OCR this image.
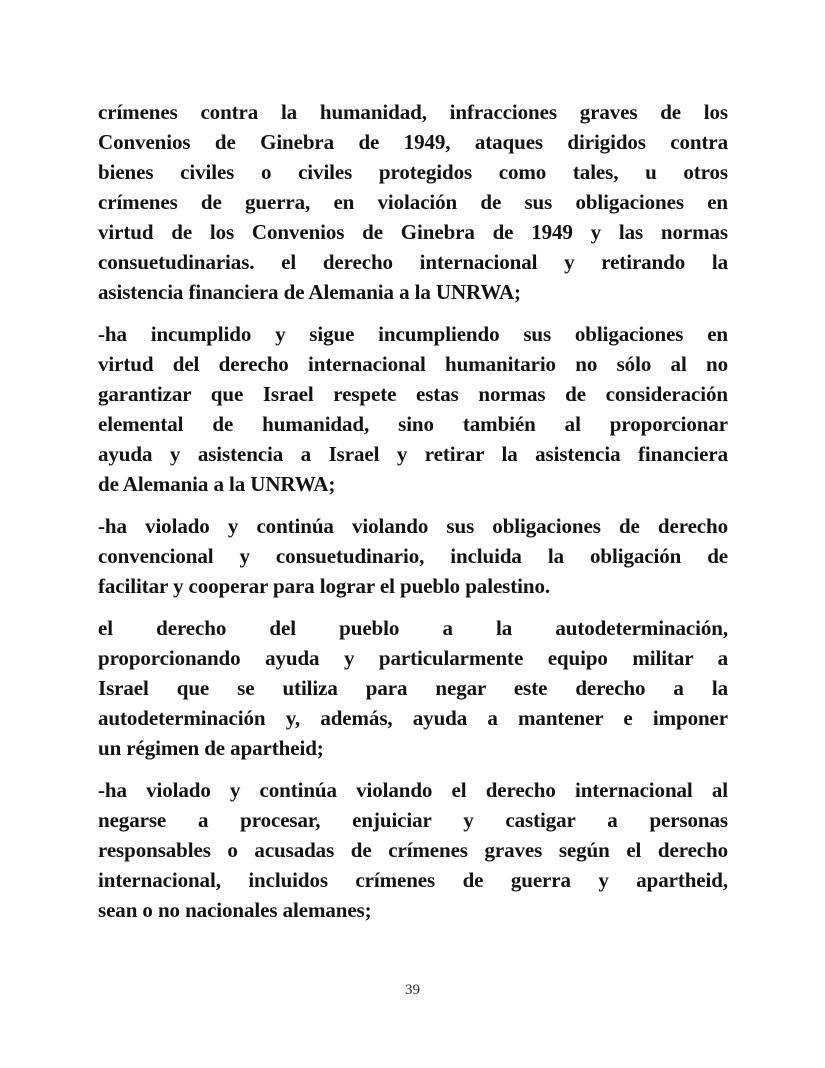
crímenes contra la humanidad, infracciones graves de los
Convenios de Ginebra de 1949, ataques dirigidos contra
bienes civiles o civiles protegidos como tales, u otros
crímenes de guerra, en violación de sus obligaciones en
virtud de los Convenios de Ginebra de 1949 y las normas
consuetudinarias. el derecho internacional y retirando la
asistencia financiera de Alemania a la UNRWA;
-ha incumplido y sigue incumpliendo sus obligaciones en
virtud del derecho internacional humanitario no sólo al no
garantizar que Israel respete estas normas de consideración
elemental de humanidad, sino también al proporcionar
ayuda y asistencia a Israel y retirar la asistencia financiera
de Alemania a la UNRWA;
-ha violado y continúa violando sus obligaciones de derecho
convencional y consuetudinario, incluida la obligación de
facilitar y cooperar para lograr el pueblo palestino.
el derecho del pueblo a la autodeterminación,
proporcionando ayuda y particularmente equipo militar a
Israel que se utiliza para negar este derecho a la
autodeterminación y, además, ayuda a mantener e imponer
un régimen de apartheid;
-ha violado y continúa violando el derecho internacional al
negarse a procesar, enjuiciar y castigar a personas
responsables o acusadas de crímenes graves según el derecho
internacional, incluidos crímenes de guerra y apartheid,
sean o no nacionales alemanes;
39
